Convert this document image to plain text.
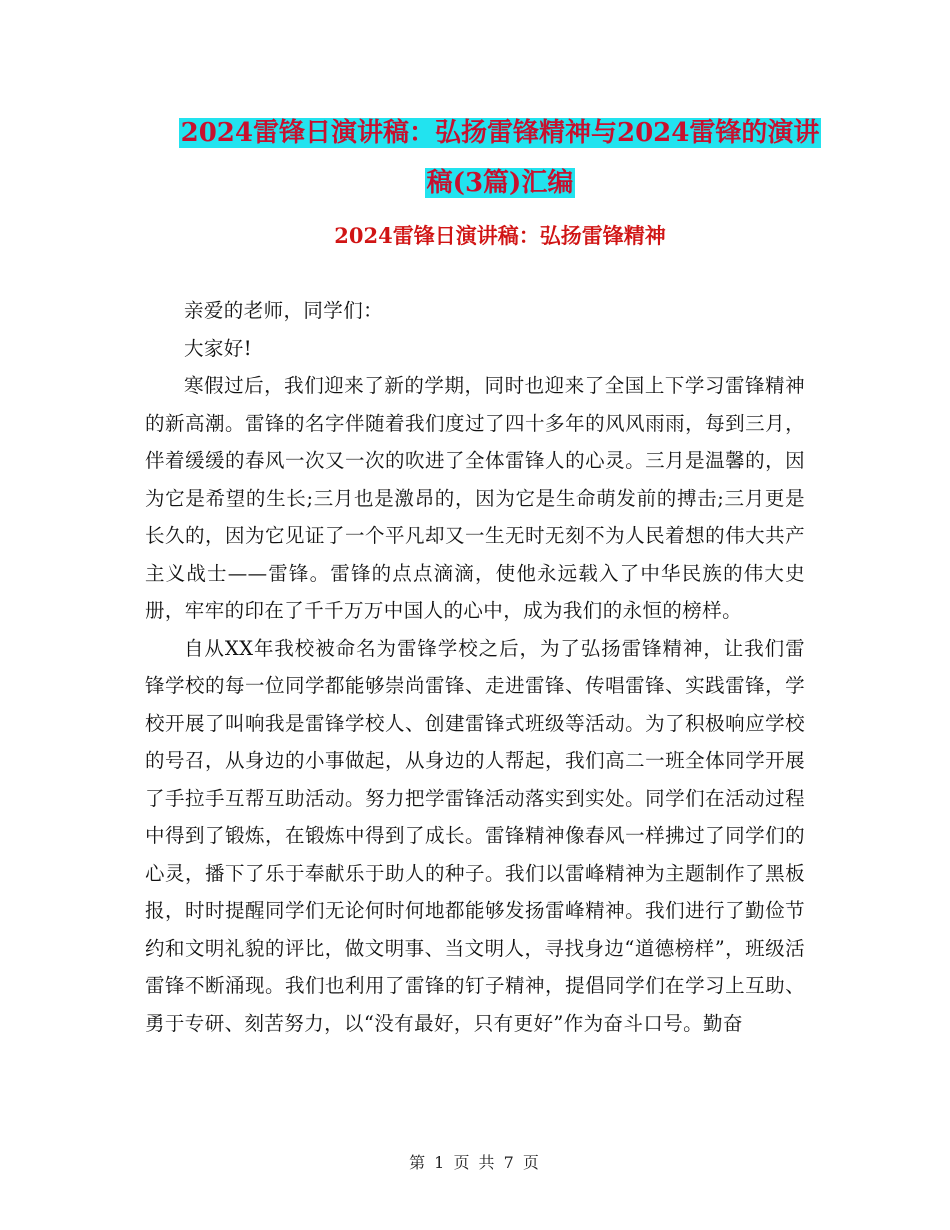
2024雷锋日演讲稿：弘扬雷锋精神与2024雷锋的演讲
稿(3篇)汇编
2024雷锋日演讲稿：弘扬雷锋精神

亲爱的老师，同学们：

大家好!

寒假过后，我们迎来了新的学期，同时也迎来了全国上下学习雷锋精神的新高潮。雷锋的名字伴随着我们度过了四十多年的风风雨雨，每到三月，伴着缓缓的春风一次又一次的吹进了全体雷锋人的心灵。三月是温馨的，因为它是希望的生长;三月也是激昂的，因为它是生命萌发前的搏击;三月更是长久的，因为它见证了一个平凡却又一生无时无刻不为人民着想的伟大共产主义战士——雷锋。雷锋的点点滴滴，使他永远载入了中华民族的伟大史册，牢牢的印在了千千万万中国人的心中，成为我们的永恒的榜样。

自从XX年我校被命名为雷锋学校之后，为了弘扬雷锋精神，让我们雷锋学校的每一位同学都能够崇尚雷锋、走进雷锋、传唱雷锋、实践雷锋，学校开展了叫响我是雷锋学校人、创建雷锋式班级等活动。为了积极响应学校的号召，从身边的小事做起，从身边的人帮起，我们高二一班全体同学开展了手拉手互帮互助活动。努力把学雷锋活动落实到实处。同学们在活动过程中得到了锻炼，在锻炼中得到了成长。雷锋精神像春风一样拂过了同学们的心灵，播下了乐于奉献乐于助人的种子。我们以雷峰精神为主题制作了黑板报，时时提醒同学们无论何时何地都能够发扬雷峰精神。我们进行了勤俭节约和文明礼貌的评比，做文明事、当文明人，寻找身边“道德榜样”，班级活雷锋不断涌现。我们也利用了雷锋的钉子精神，提倡同学们在学习上互助、勇于专研、刻苦努力，以“没有最好，只有更好”作为奋斗口号。勤奋

第 1 页 共 7 页
